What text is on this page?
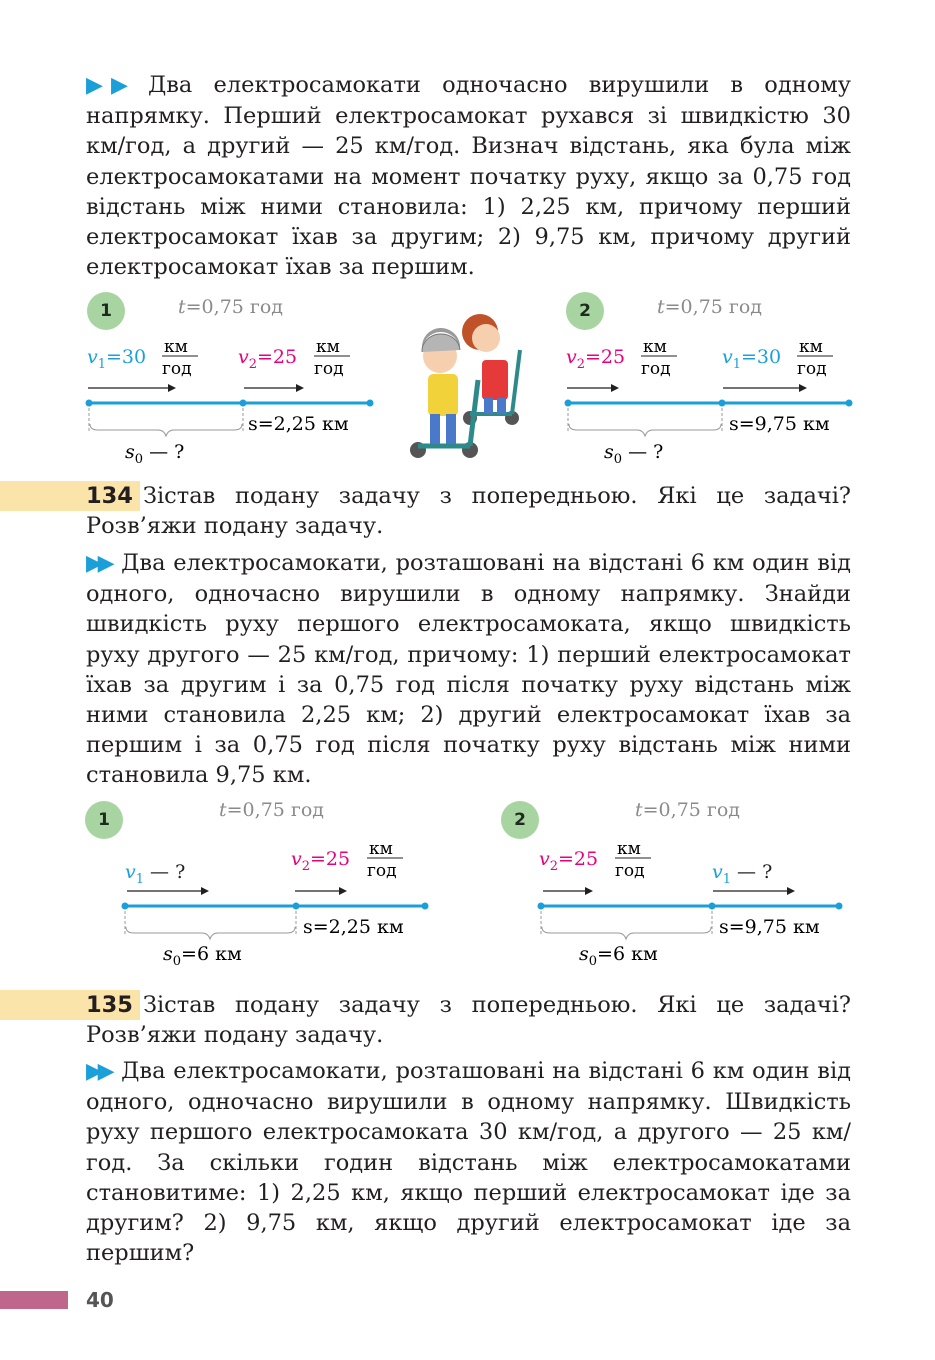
▶▶ Два електросамокати одночасно вирушили в одному напрямку. Перший електросамокат рухався зі швидкістю 30 км/год, а другий — 25 км/год. Визнач відстань, яка була між електросамокатами на момент початку руху, якщо за 0,75 год відстань між ними становила: 1) 2,25 км, причому перший електросамокат їхав за другим; 2) 9,75 км, причому другий електросамокат їхав за першим.
1	t=0,75 год
$v_1=30$ км
год
$v_2=25$ км
год
s=2,25 км
$s_0$ — ?
2	t=0,75 год
$v_2=25$ км
год
$v_1=30$ км
год
s=9,75 км
$s_0$ — ?
134 Зістав подану задачу з попередньою. Які це задачі? Розв’яжи подану задачу.
▶▶ Два електросамокати, розташовані на відстані 6 км один від одного, одночасно вирушили в одному напрямку. Знайди швидкість руху першого електросамоката, якщо швидкість руху другого — 25 км/год, причому: 1) перший електросамокат їхав за другим і за 0,75 год після початку руху відстань між ними становила 2,25 км; 2) другий електросамокат їхав за першим і за 0,75 год після початку руху відстань між ними становила 9,75 км.
1	t=0,75 год
$v_1$ — ?
$v_2=25$ км
год
s=2,25 км
$s_0=6$ км
2	t=0,75 год
$v_2=25$ км
год	$v_1$ — ?
s=9,75 км
$s_0=6$ км
135 Зістав подану задачу з попередньою. Які це задачі? Розв’яжи подану задачу.
▶▶ Два електросамокати, розташовані на відстані 6 км один від одного, одночасно вирушили в одному напрямку. Швидкість руху першого електросамоката 30 км/год, а другого — 25 км/год. За скільки годин відстань між електросамокатами становитиме: 1) 2,25 км, якщо перший електросамокат іде за другим? 2) 9,75 км, якщо другий електросамокат іде за першим?
40
